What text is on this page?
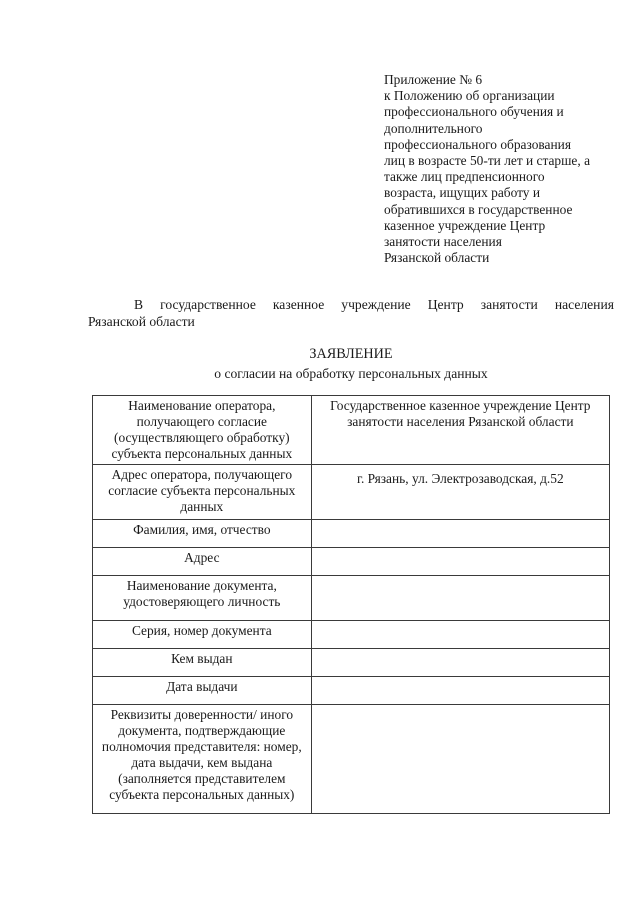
Приложение № 6
к Положению об организации
профессионального обучения и
дополнительного
профессионального образования
лиц в возрасте 50-ти лет и старше, а
также лиц предпенсионного
возраста, ищущих работу и
обратившихся в государственное
казенное учреждение Центр
занятости населения
Рязанской области
В государственное казенное учреждение Центр занятости населения
Рязанской области
ЗАЯВЛЕНИЕ
о согласии на обработку персональных данных
Наименование оператора, получающего согласие (осуществляющего обработку) субъекта персональных данных	Государственное казенное учреждение Центр занятости населения Рязанской области
Адрес оператора, получающего согласие субъекта персональных данных	г. Рязань, ул. Электрозаводская, д.52
Фамилия, имя, отчество	
Адрес	
Наименование документа, удостоверяющего личность	
Серия, номер документа	
Кем выдан	
Дата выдачи	
Реквизиты доверенности/ иного документа, подтверждающие полномочия представителя: номер, дата выдачи, кем выдана (заполняется представителем субъекта персональных данных)	
